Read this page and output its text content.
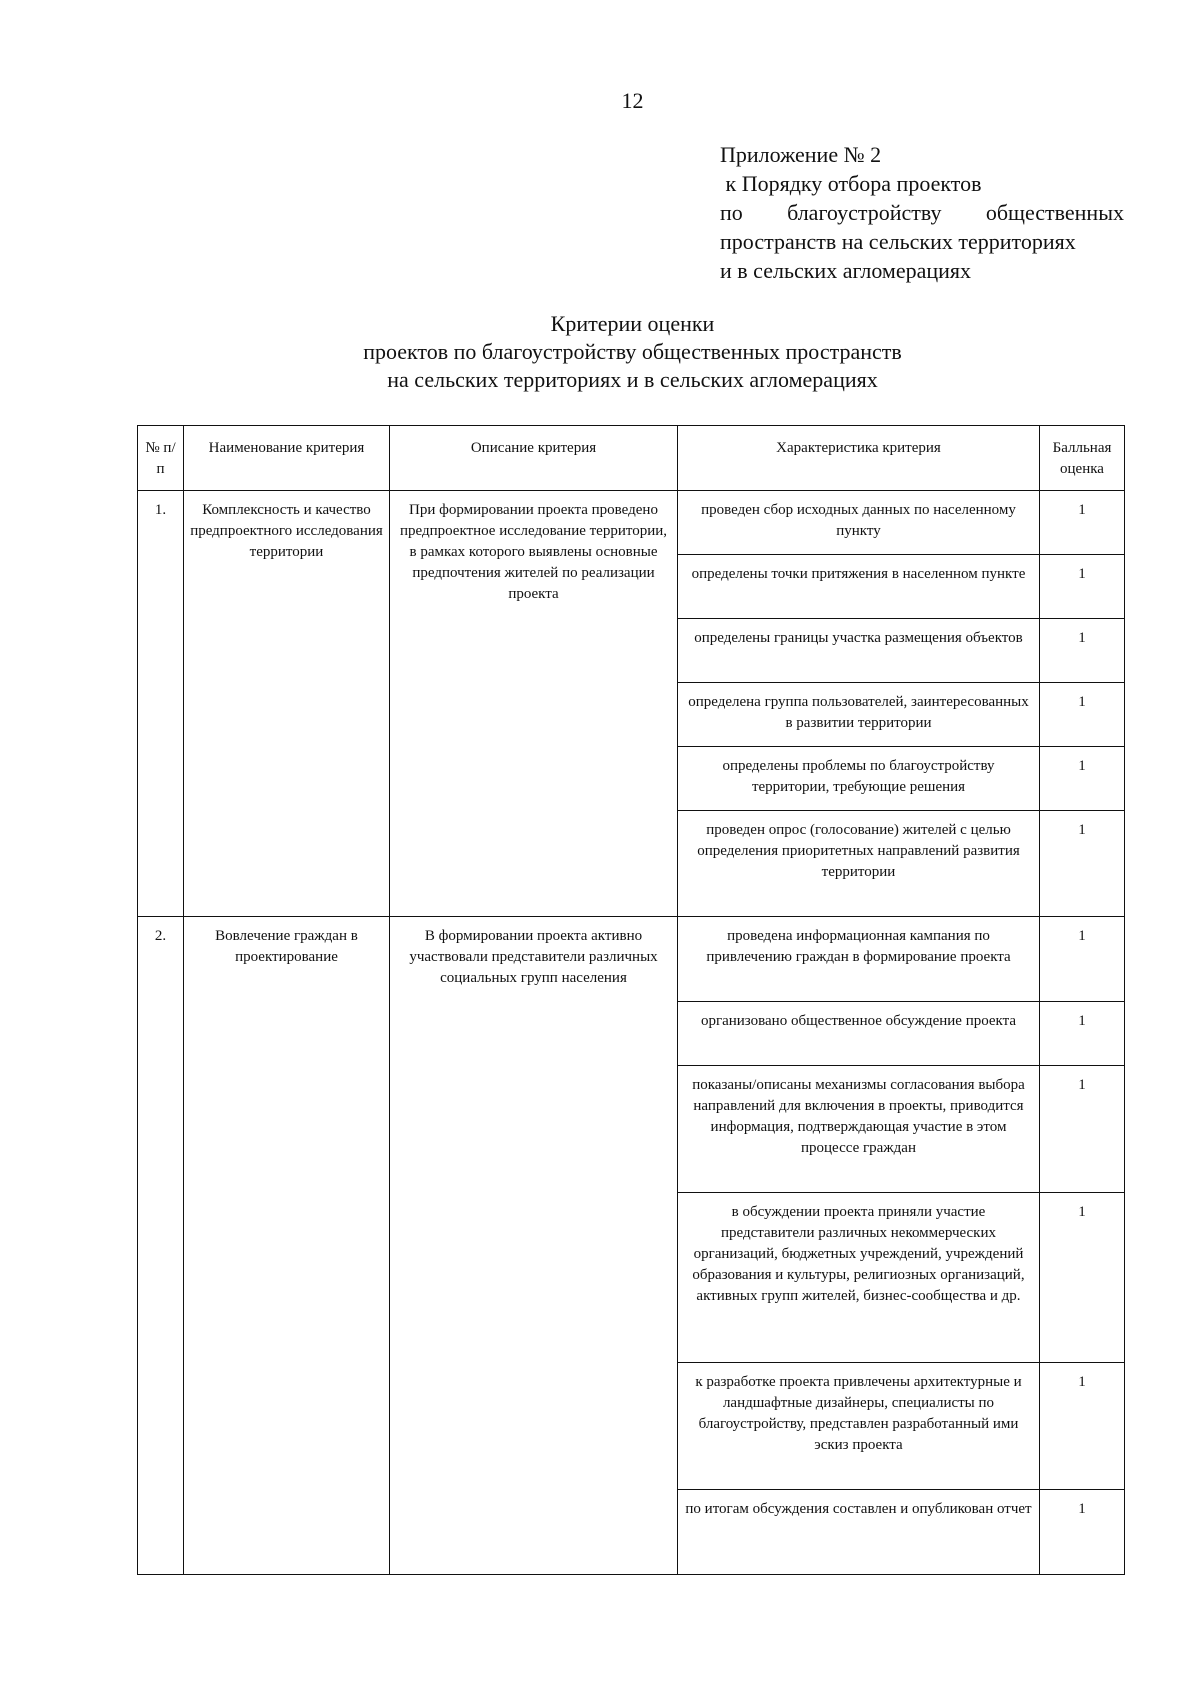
12
Приложение № 2
к Порядку отбора проектов
по благоустройству общественных
пространств на сельских территориях
и в сельских агломерациях
Критерии оценки
проектов по благоустройству общественных пространств
на сельских территориях и в сельских агломерациях
№ п/п	Наименование критерия	Описание критерия	Характеристика критерия	Балльная оценка
1.	Комплексность и качество предпроектного исследования территории	При формировании проекта проведено предпроектное исследование территории, в рамках которого выявлены основные предпочтения жителей по реализации проекта	проведен сбор исходных данных по населенному пункту	1
			определены точки притяжения в населенном пункте	1
			определены границы участка размещения объектов	1
			определена группа пользователей, заинтересованных в развитии территории	1
			определены проблемы по благоустройству территории, требующие решения	1
			проведен опрос (голосование) жителей с целью определения приоритетных направлений развития территории	1
2.	Вовлечение граждан в проектирование	В формировании проекта активно участвовали представители различных социальных групп населения	проведена информационная кампания по привлечению граждан в формирование проекта	1
			организовано общественное обсуждение проекта	1
			показаны/описаны механизмы согласования выбора направлений для включения в проекты, приводится информация, подтверждающая участие в этом процессе граждан	1
			в обсуждении проекта приняли участие представители различных некоммерческих организаций, бюджетных учреждений, учреждений образования и культуры, религиозных организаций, активных групп жителей, бизнес-сообщества и др.	1
			к разработке проекта привлечены архитектурные и ландшафтные дизайнеры, специалисты по благоустройству, представлен разработанный ими эскиз проекта	1
			по итогам обсуждения составлен и опубликован отчет	1
